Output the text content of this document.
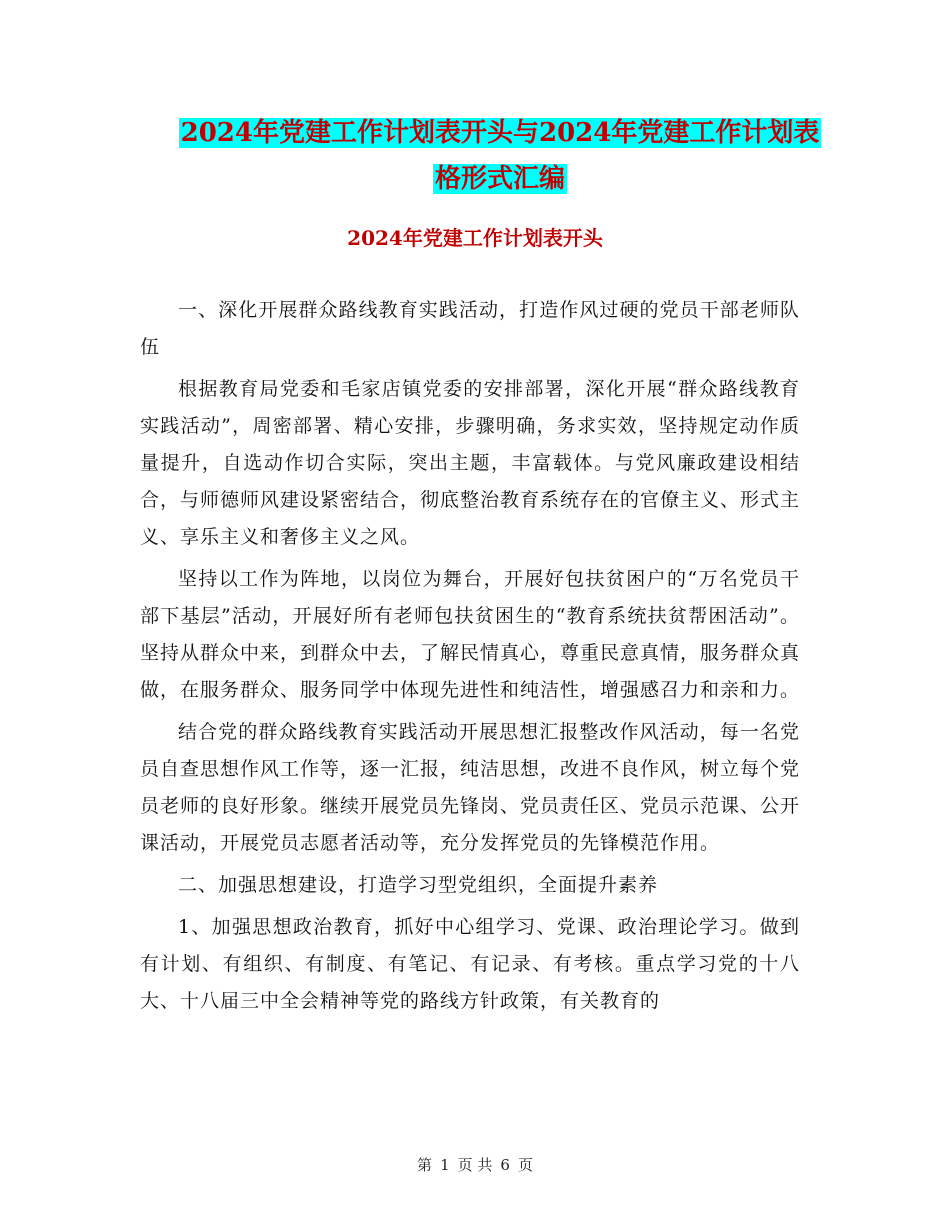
2024年党建工作计划表开头与2024年党建工作计划表
格形式汇编
2024年党建工作计划表开头

一、深化开展群众路线教育实践活动，打造作风过硬的党员干部老师队伍

根据教育局党委和毛家店镇党委的安排部署，深化开展“群众路线教育实践活动”，周密部署、精心安排，步骤明确，务求实效，坚持规定动作质量提升，自选动作切合实际，突出主题，丰富载体。与党风廉政建设相结合，与师德师风建设紧密结合，彻底整治教育系统存在的官僚主义、形式主义、享乐主义和奢侈主义之风。

坚持以工作为阵地，以岗位为舞台，开展好包扶贫困户的“万名党员干部下基层”活动，开展好所有老师包扶贫困生的“教育系统扶贫帮困活动”。坚持从群众中来，到群众中去，了解民情真心，尊重民意真情，服务群众真做，在服务群众、服务同学中体现先进性和纯洁性，增强感召力和亲和力。

结合党的群众路线教育实践活动开展思想汇报整改作风活动，每一名党员自查思想作风工作等，逐一汇报，纯洁思想，改进不良作风，树立每个党员老师的良好形象。继续开展党员先锋岗、党员责任区、党员示范课、公开课活动，开展党员志愿者活动等，充分发挥党员的先锋模范作用。

二、加强思想建设，打造学习型党组织，全面提升素养

1、加强思想政治教育，抓好中心组学习、党课、政治理论学习。做到有计划、有组织、有制度、有笔记、有记录、有考核。重点学习党的十八大、十八届三中全会精神等党的路线方针政策，有关教育的

第 1 页 共 6 页
